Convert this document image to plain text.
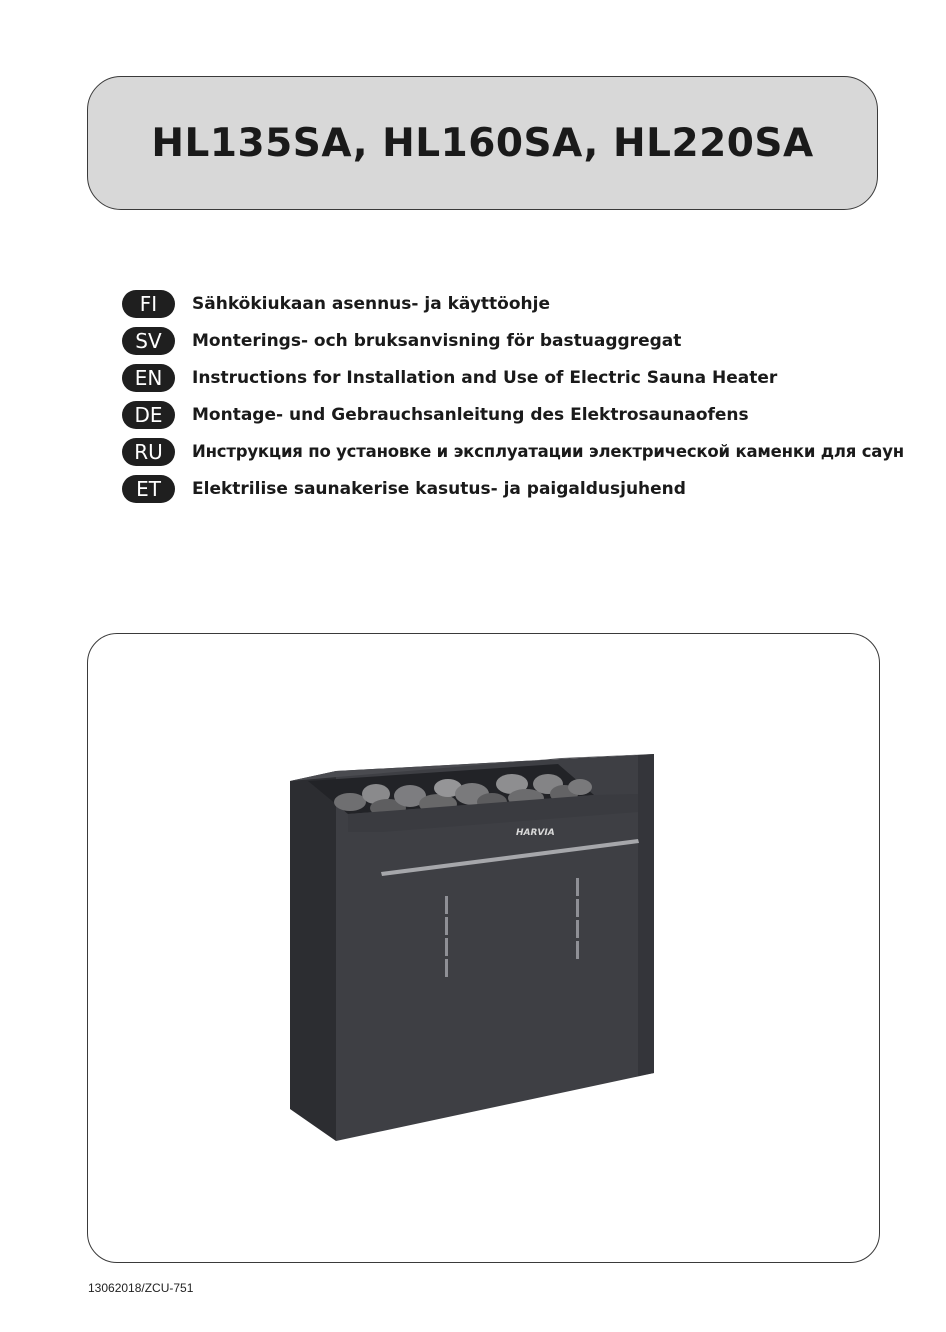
HL135SA, HL160SA, HL220SA
FI	Sähkökiukaan asennus- ja käyttöohje
SV	Monterings- och bruksanvisning för bastuaggregat
EN	Instructions for Installation and Use of Electric Sauna Heater
DE	Montage- und Gebrauchsanleitung des Elektrosaunaofens
RU	Инструкция по установке и эксплуатации электрической каменки для саун
ET	Elektrilise saunakerise kasutus- ja paigaldusjuhend
HARVIA
13062018/ZCU-751
